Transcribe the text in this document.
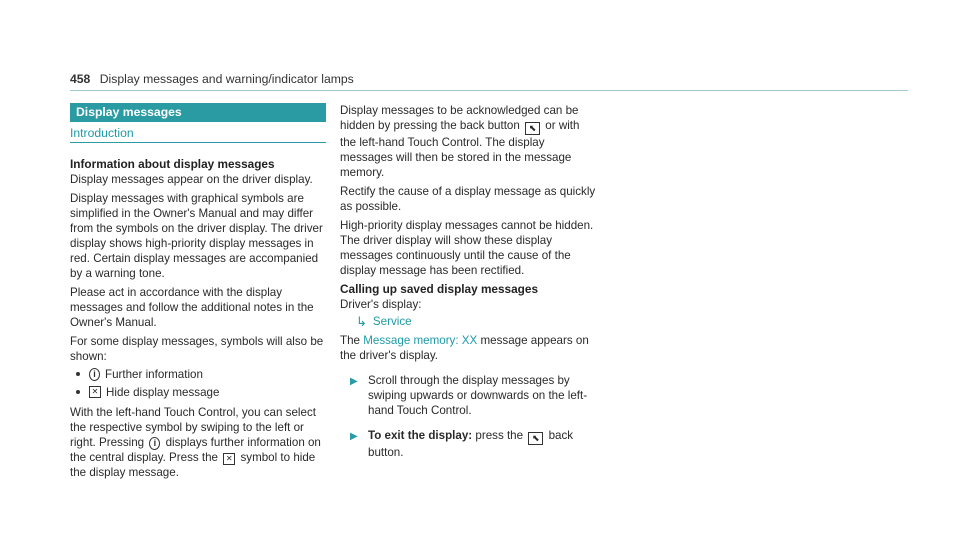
458 Display messages and warning/indicator lamps
Display messages
Introduction
Information about display messages

Display messages appear on the driver display.

Display messages with graphical symbols are simplified in the Owner's Manual and may differ from the symbols on the driver display. The driver display shows high-priority display messages in red. Certain display messages are accompanied by a warning tone.

Please act in accordance with the display messages and follow the additional notes in the Owner's Manual.

For some display messages, symbols will also be shown:

i Further information
✕ Hide display message

With the left-hand Touch Control, you can select the respective symbol by swiping to the left or right. Pressing i displays further information on the central display. Press the ✕ symbol to hide the display message.

Display messages to be acknowledged can be hidden by pressing the back button ⬉ or with the left-hand Touch Control. The display messages will then be stored in the message memory.

Rectify the cause of a display message as quickly as possible.

High-priority display messages cannot be hidden. The driver display will show these display messages continuously until the cause of the display message has been rectified.

Calling up saved display messages

Driver's display:

↳ Service

The Message memory: XX message appears on the driver's display.

▶ Scroll through the display messages by swiping upwards or downwards on the left-hand Touch Control.
▶ To exit the display: press the ⬉ back button.
